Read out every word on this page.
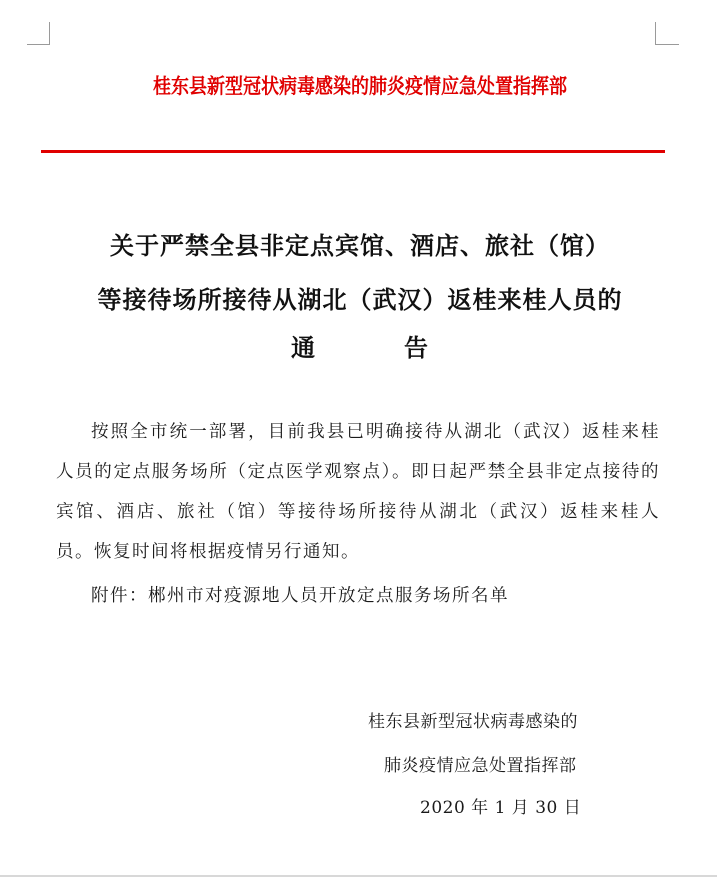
桂东县新型冠状病毒感染的肺炎疫情应急处置指挥部
关于严禁全县非定点宾馆、酒店、旅社（馆）
等接待场所接待从湖北（武汉）返桂来桂人员的
通	告
按照全市统一部署，目前我县已明确接待从湖北（武汉）返桂来桂人员的定点服务场所（定点医学观察点）。即日起严禁全县非定点接待的宾馆、酒店、旅社（馆）等接待场所接待从湖北（武汉）返桂来桂人员。恢复时间将根据疫情另行通知。
附件：郴州市对疫源地人员开放定点服务场所名单
桂东县新型冠状病毒感染的
肺炎疫情应急处置指挥部
2020 年 1 月 30 日
